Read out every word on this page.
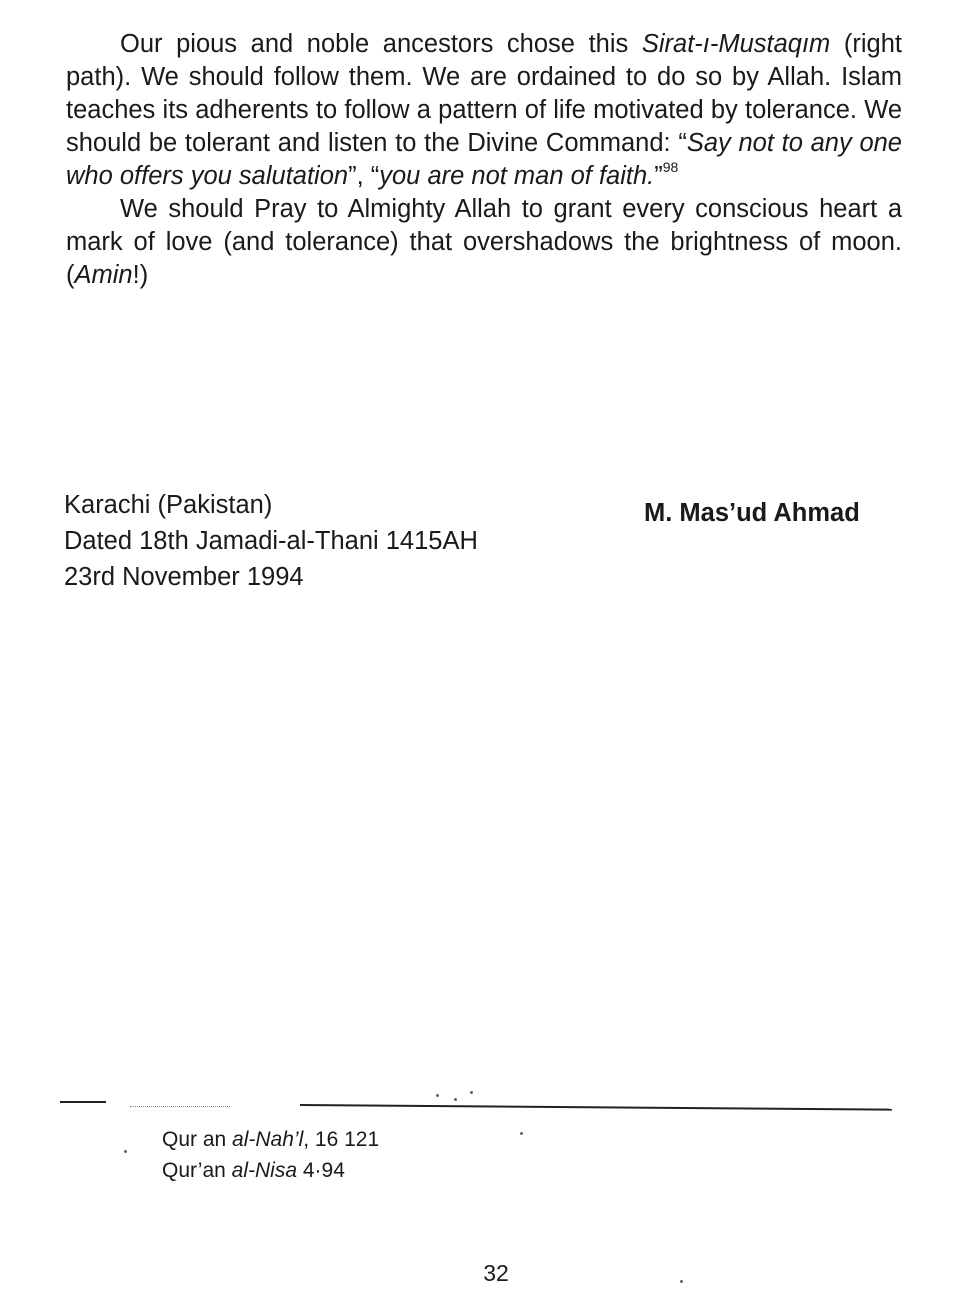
Our pious and noble ancestors chose this Sirat-ı-Mustaqım (right path). We should follow them. We are ordained to do so by Allah. Islam teaches its adherents to follow a pattern of life motivated by tolerance. We should be tolerant and listen to the Divine Command: “Say not to any one who offers you salutation”, “you are not man of faith.”$^{98}$

We should Pray to Almighty Allah to grant every conscious heart a mark of love (and tolerance) that overshadows the brightness of moon. (Amin!)

Karachi (Pakistan)
Dated 18th Jamadi-al-Thani 1415AH
23rd November 1994
M. Mas’ud Ahmad
Qur an al-Nah’l, 16 121
Qur’an al-Nisa 4·94
32
